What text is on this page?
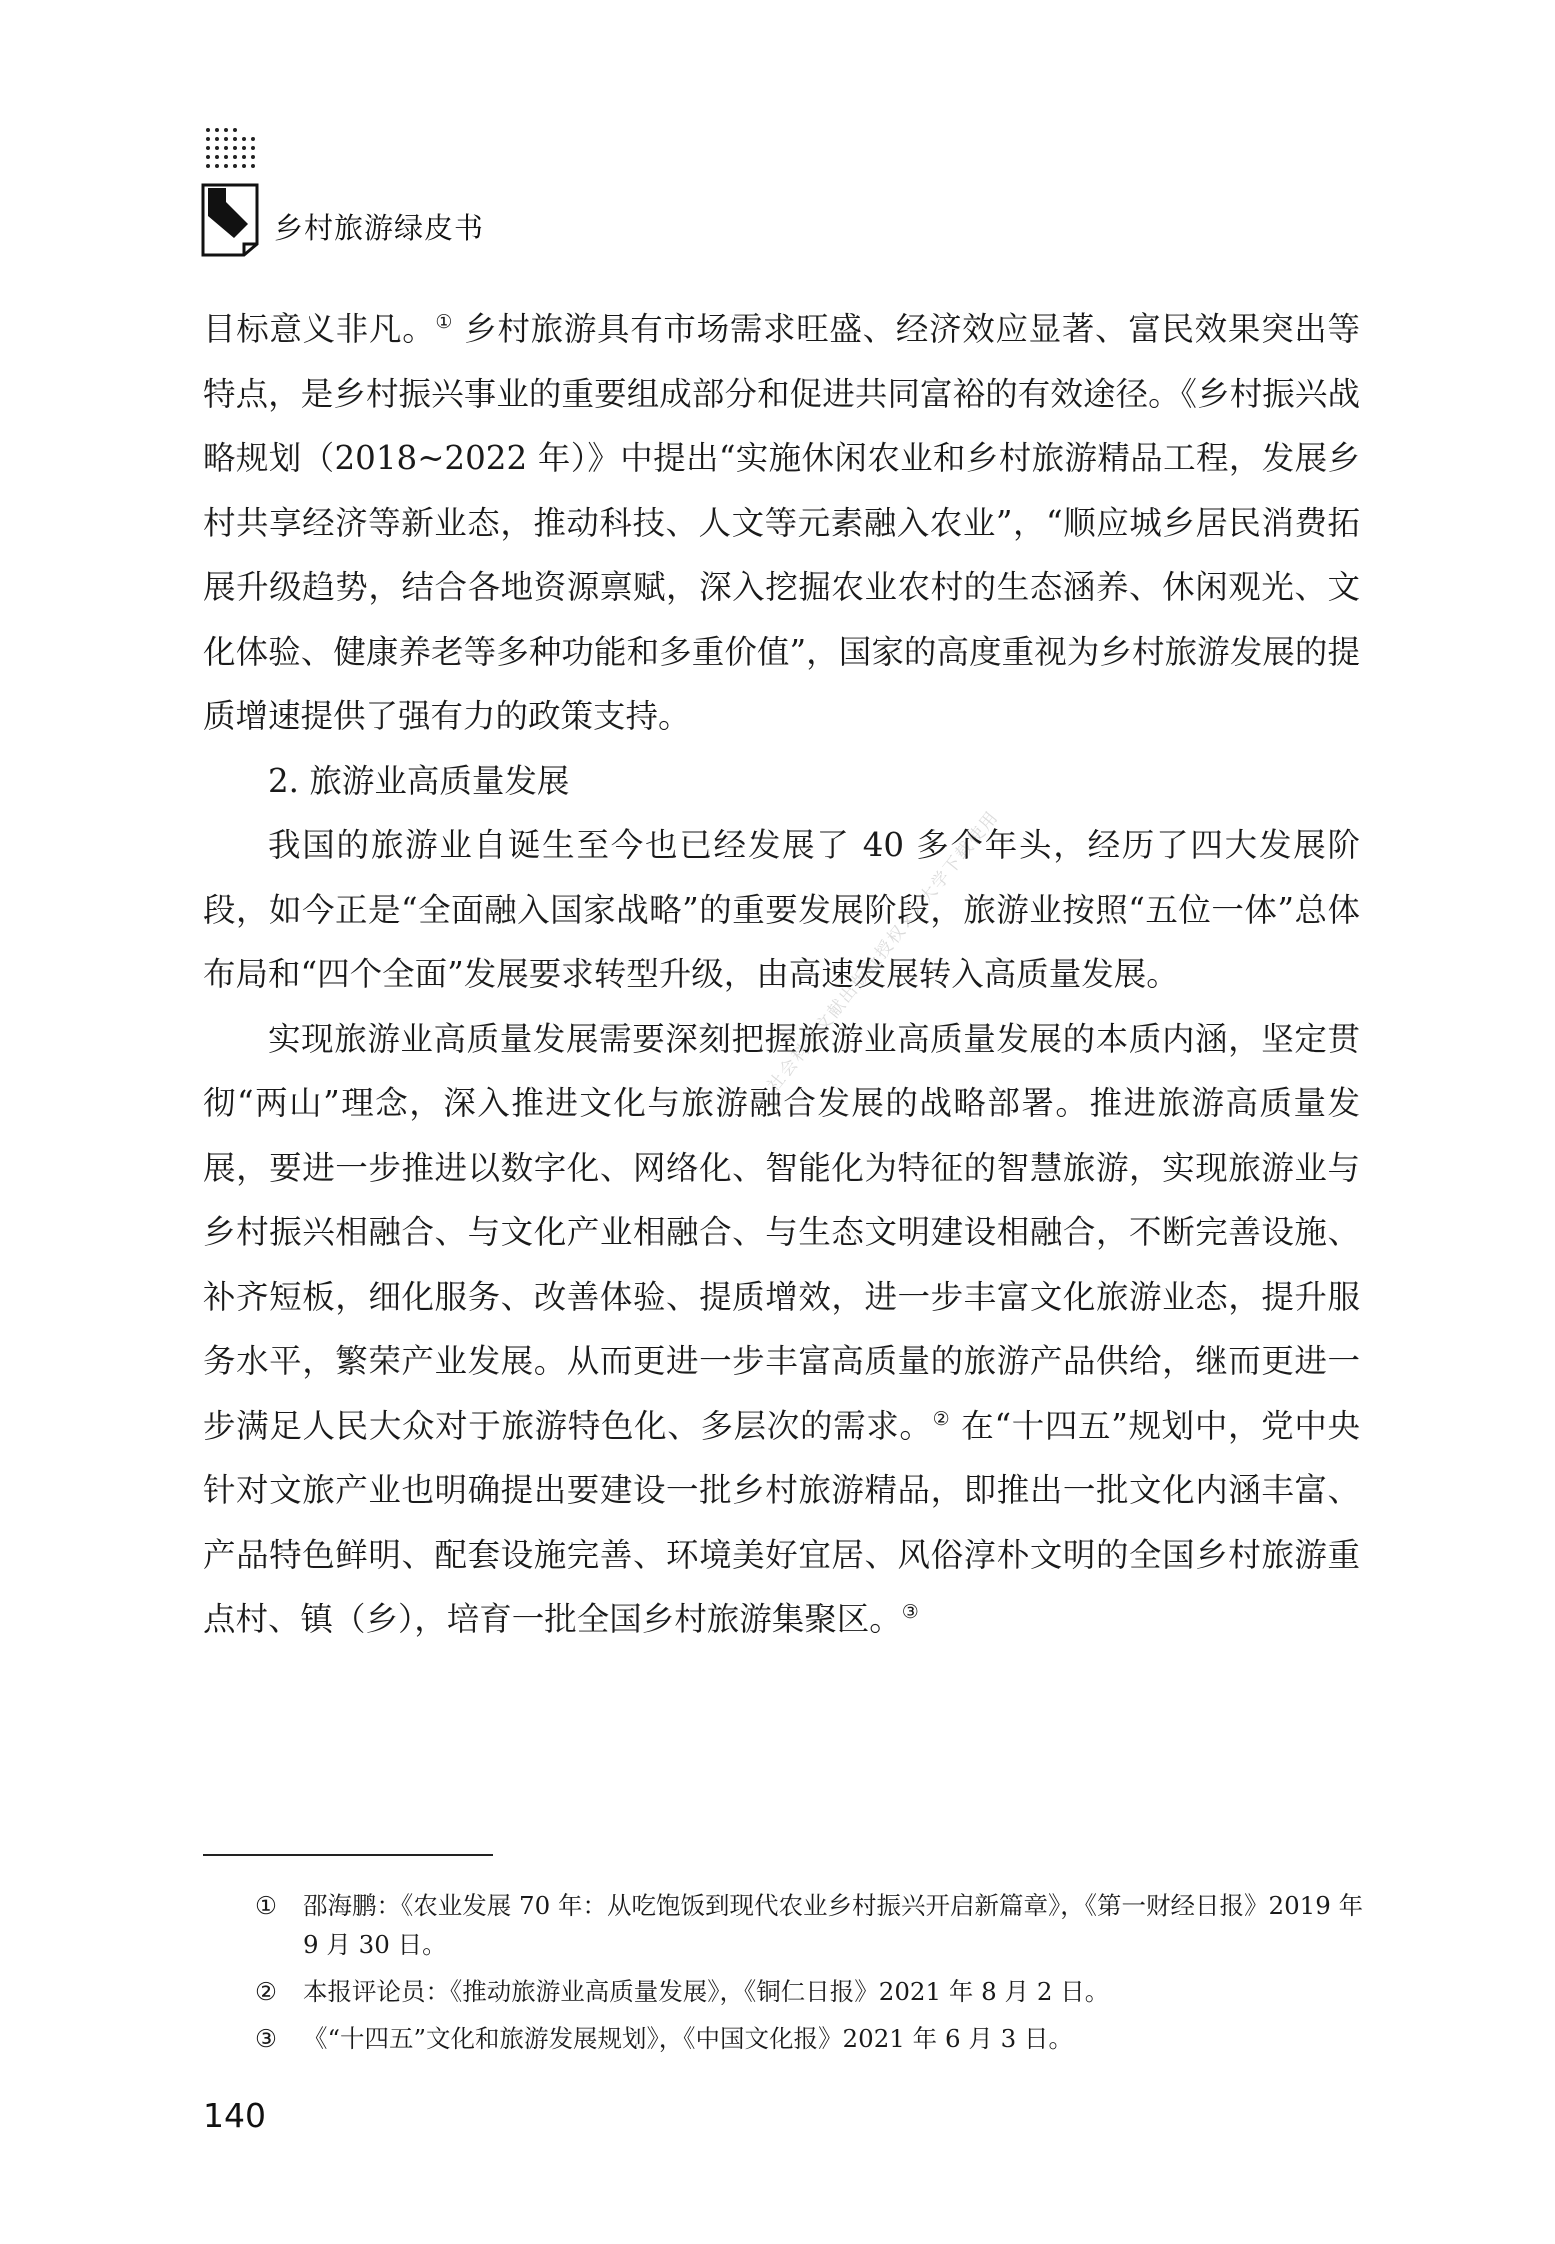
乡村旅游绿皮书
社会科学文献出版社授权××大学下载使用

目标意义非凡。① 乡村旅游具有市场需求旺盛、经济效应显著、富民效果突出等特点，是乡村振兴事业的重要组成部分和促进共同富裕的有效途径。《乡村振兴战略规划（2018~2022 年）》中提出“实施休闲农业和乡村旅游精品工程，发展乡村共享经济等新业态，推动科技、人文等元素融入农业”，“顺应城乡居民消费拓展升级趋势，结合各地资源禀赋，深入挖掘农业农村的生态涵养、休闲观光、文化体验、健康养老等多种功能和多重价值”，国家的高度重视为乡村旅游发展的提质增速提供了强有力的政策支持。

2. 旅游业高质量发展

我国的旅游业自诞生至今也已经发展了 40 多个年头，经历了四大发展阶段，如今正是“全面融入国家战略”的重要发展阶段，旅游业按照“五位一体”总体布局和“四个全面”发展要求转型升级，由高速发展转入高质量发展。

实现旅游业高质量发展需要深刻把握旅游业高质量发展的本质内涵，坚定贯彻“两山”理念，深入推进文化与旅游融合发展的战略部署。推进旅游高质量发展，要进一步推进以数字化、网络化、智能化为特征的智慧旅游，实现旅游业与乡村振兴相融合、与文化产业相融合、与生态文明建设相融合，不断完善设施、补齐短板，细化服务、改善体验、提质增效，进一步丰富文化旅游业态，提升服务水平，繁荣产业发展。从而更进一步丰富高质量的旅游产品供给，继而更进一步满足人民大众对于旅游特色化、多层次的需求。② 在“十四五”规划中，党中央针对文旅产业也明确提出要建设一批乡村旅游精品，即推出一批文化内涵丰富、产品特色鲜明、配套设施完善、环境美好宜居、风俗淳朴文明的全国乡村旅游重点村、镇（乡），培育一批全国乡村旅游集聚区。③

① 邵海鹏：《农业发展 70 年：从吃饱饭到现代农业乡村振兴开启新篇章》，《第一财经日报》2019 年 9 月 30 日。
② 本报评论员：《推动旅游业高质量发展》，《铜仁日报》2021 年 8 月 2 日。
③ 《“十四五”文化和旅游发展规划》，《中国文化报》2021 年 6 月 3 日。
140
